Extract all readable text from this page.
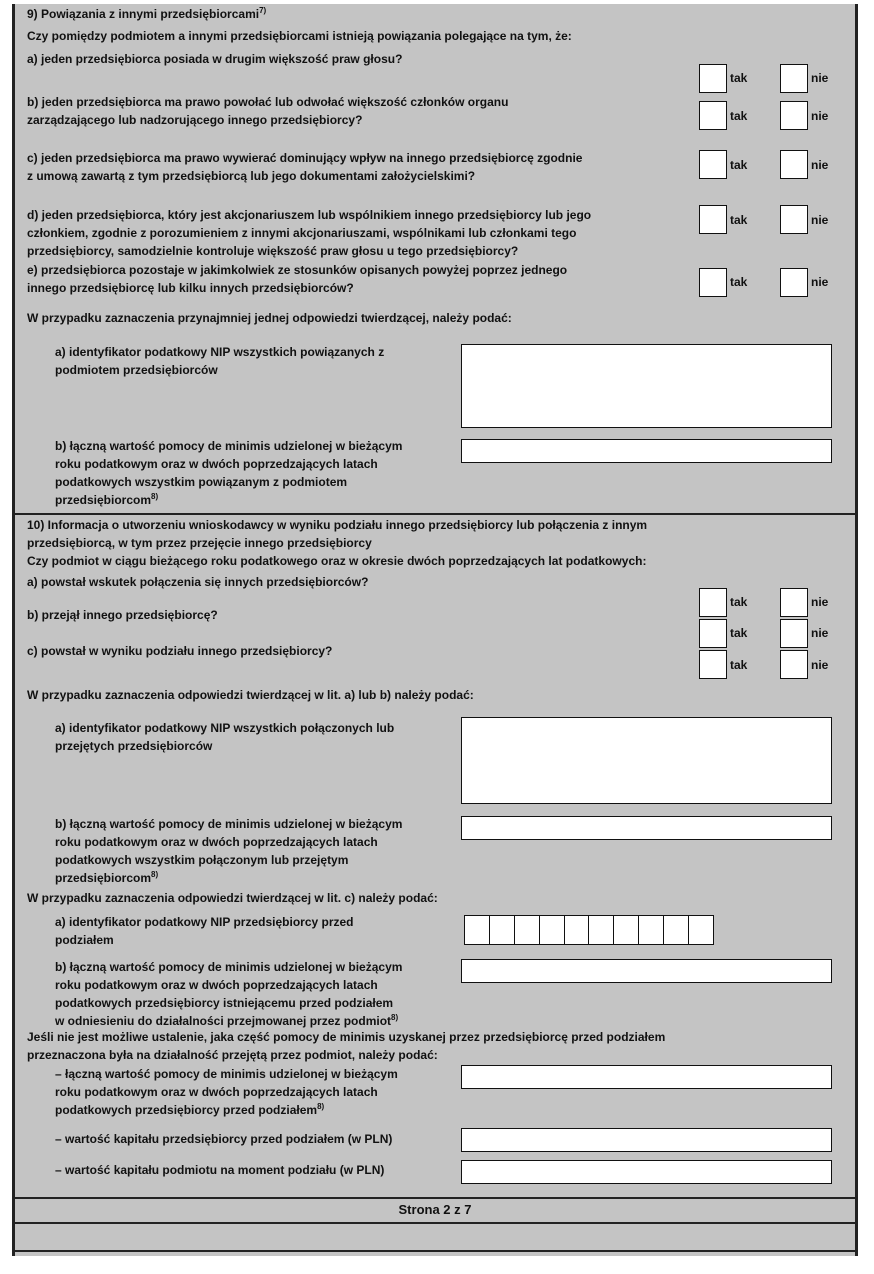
9) Powiązania z innymi przedsiębiorcami$^{7)}$
Czy pomiędzy podmiotem a innymi przedsiębiorcami istnieją powiązania polegające na tym, że:
a) jeden przedsiębiorca posiada w drugim większość praw głosu?
tak	nie
b) jeden przedsiębiorca ma prawo powołać lub odwołać większość członków organu
zarządzającego lub nadzorującego innego przedsiębiorcy?	tak	nie
c) jeden przedsiębiorca ma prawo wywierać dominujący wpływ na innego przedsiębiorcę zgodnie
z umową zawartą z tym przedsiębiorcą lub jego dokumentami założycielskimi?
tak	nie
d) jeden przedsiębiorca, który jest akcjonariuszem lub wspólnikiem innego przedsiębiorcy lub jego
członkiem, zgodnie z porozumieniem z innymi akcjonariuszami, wspólnikami lub członkami tego
przedsiębiorcy, samodzielnie kontroluje większość praw głosu u tego przedsiębiorcy?
tak	nie
e) przedsiębiorca pozostaje w jakimkolwiek ze stosunków opisanych powyżej poprzez jednego
innego przedsiębiorcę lub kilku innych przedsiębiorców?	tak	nie
W przypadku zaznaczenia przynajmniej jednej odpowiedzi twierdzącej, należy podać:
a) identyfikator podatkowy NIP wszystkich powiązanych z
podmiotem przedsiębiorców
b) łączną wartość pomocy de minimis udzielonej w bieżącym
roku podatkowym oraz w dwóch poprzedzających latach
podatkowych wszystkim powiązanym z podmiotem
przedsiębiorcom$^{8)}$
10) Informacja o utworzeniu wnioskodawcy w wyniku podziału innego przedsiębiorcy lub połączenia z innym
przedsiębiorcą, w tym przez przejęcie innego przedsiębiorcy
Czy podmiot w ciągu bieżącego roku podatkowego oraz w okresie dwóch poprzedzających lat podatkowych:
a) powstał wskutek połączenia się innych przedsiębiorców?
tak	nie
b) przejął innego przedsiębiorcę?
tak	nie
c) powstał w wyniku podziału innego przedsiębiorcy?
tak	nie
W przypadku zaznaczenia odpowiedzi twierdzącej w lit. a) lub b) należy podać:
a) identyfikator podatkowy NIP wszystkich połączonych lub
przejętych przedsiębiorców
b) łączną wartość pomocy de minimis udzielonej w bieżącym
roku podatkowym oraz w dwóch poprzedzających latach
podatkowych wszystkim połączonym lub przejętym
przedsiębiorcom$^{8)}$
W przypadku zaznaczenia odpowiedzi twierdzącej w lit. c) należy podać:
a) identyfikator podatkowy NIP przedsiębiorcy przed
podziałem
b) łączną wartość pomocy de minimis udzielonej w bieżącym
roku podatkowym oraz w dwóch poprzedzających latach
podatkowych przedsiębiorcy istniejącemu przed podziałem
w odniesieniu do działalności przejmowanej przez podmiot$^{8)}$
Jeśli nie jest możliwe ustalenie, jaka część pomocy de minimis uzyskanej przez przedsiębiorcę przed podziałem
przeznaczona była na działalność przejętą przez podmiot, należy podać:
– łączną wartość pomocy de minimis udzielonej w bieżącym
roku podatkowym oraz w dwóch poprzedzających latach
podatkowych przedsiębiorcy przed podziałem$^{8)}$
– wartość kapitału przedsiębiorcy przed podziałem (w PLN)
– wartość kapitału podmiotu na moment podziału (w PLN)
Strona 2 z 7
